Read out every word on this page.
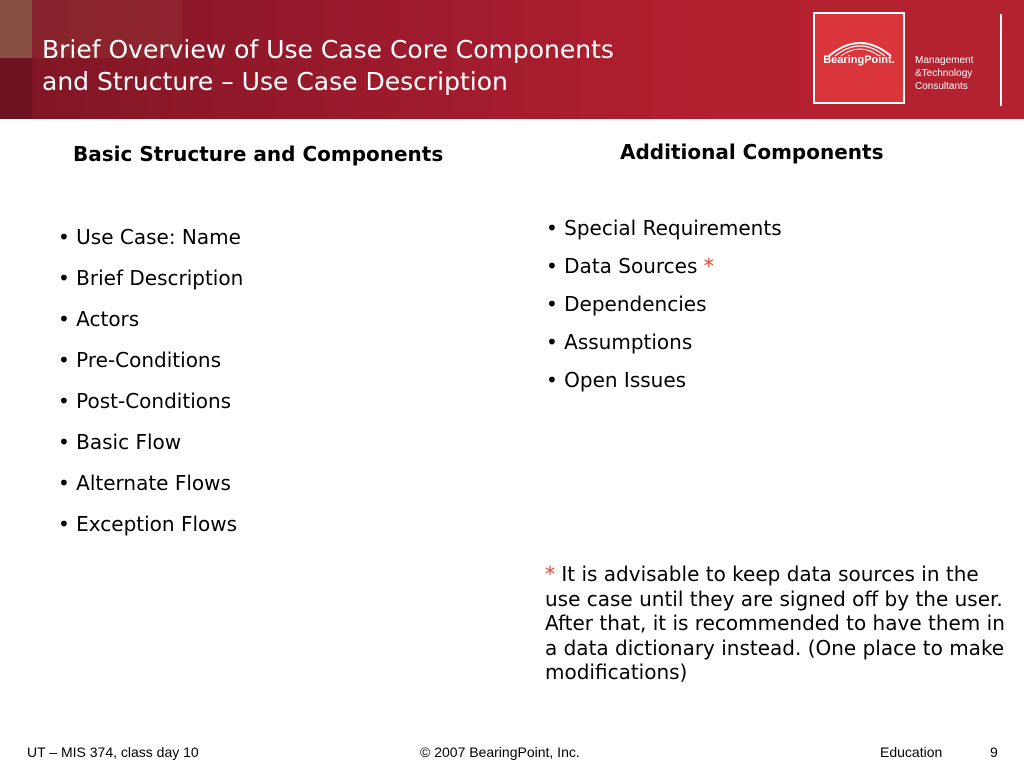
Brief Overview of Use Case Core Components
and Structure – Use Case Description
BearingPoint.	Management
&Technology
Consultants
Basic Structure and Components
• Use Case: Name
• Brief Description
• Actors
• Pre-Conditions
• Post-Conditions
• Basic Flow
• Alternate Flows
• Exception Flows
Additional Components
• Special Requirements
• Data Sources *
• Dependencies
• Assumptions
• Open Issues

* It is advisable to keep data sources in the use case until they are signed off by the user. After that, it is recommended to have them in a data dictionary instead. (One place to make modifications)

UT – MIS 374, class day 10	© 2007 BearingPoint, Inc.	Education	9
